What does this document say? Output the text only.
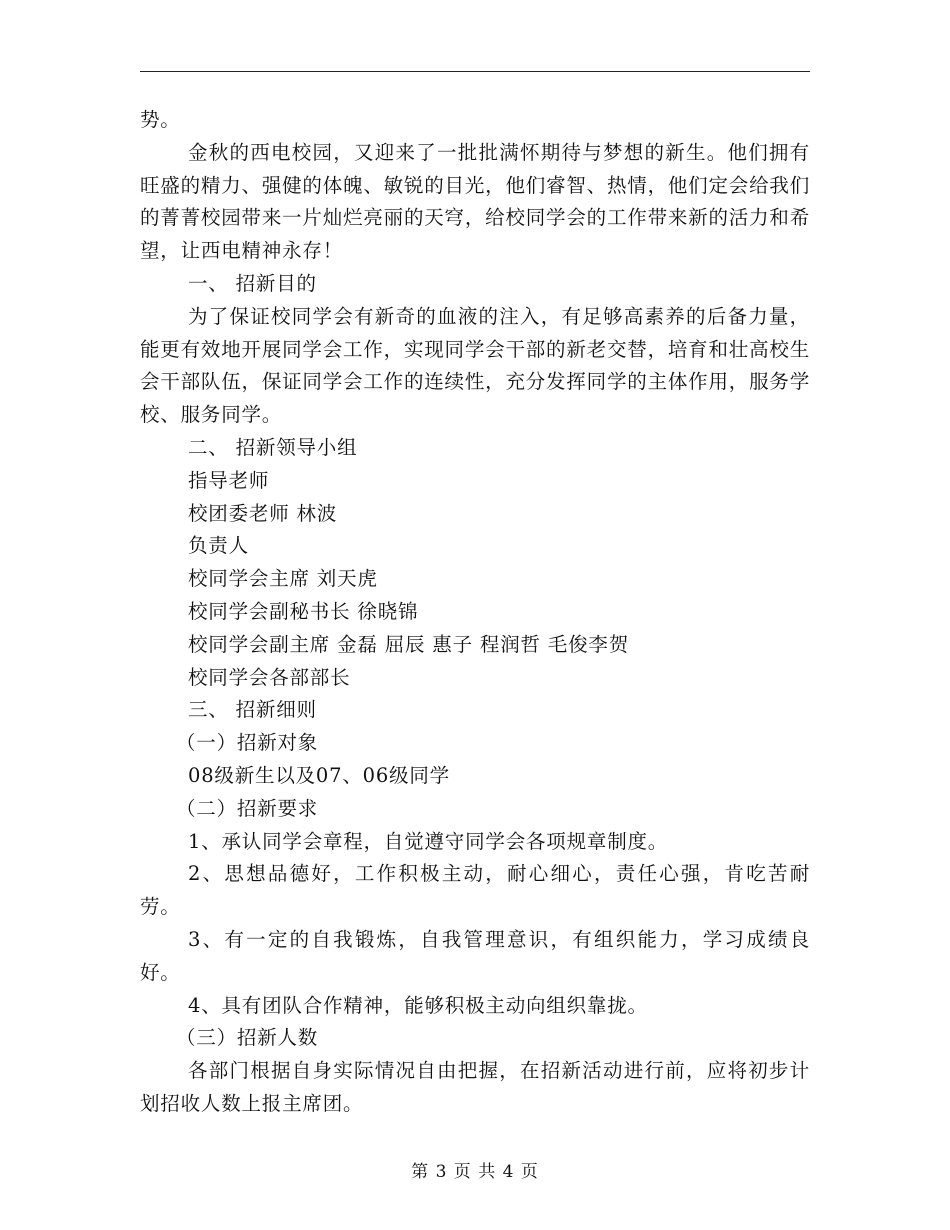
势。

金秋的西电校园，又迎来了一批批满怀期待与梦想的新生。他们拥有旺盛的精力、强健的体魄、敏锐的目光，他们睿智、热情，他们定会给我们的菁菁校园带来一片灿烂亮丽的天穹，给校同学会的工作带来新的活力和希望，让西电精神永存！

一、 招新目的

为了保证校同学会有新奇的血液的注入，有足够高素养的后备力量，能更有效地开展同学会工作，实现同学会干部的新老交替，培育和壮高校生会干部队伍，保证同学会工作的连续性，充分发挥同学的主体作用，服务学校、服务同学。

二、 招新领导小组

指导老师

校团委老师 林波

负责人

校同学会主席 刘天虎

校同学会副秘书长 徐晓锦

校同学会副主席 金磊 屈辰 惠子 程润哲 毛俊李贺

校同学会各部部长

三、 招新细则

（一）招新对象

08级新生以及07、06级同学

（二）招新要求

1、承认同学会章程，自觉遵守同学会各项规章制度。

2、思想品德好，工作积极主动，耐心细心，责任心强，肯吃苦耐劳。

3、有一定的自我锻炼，自我管理意识，有组织能力，学习成绩良好。

4、具有团队合作精神，能够积极主动向组织靠拢。

（三）招新人数

各部门根据自身实际情况自由把握，在招新活动进行前，应将初步计划招收人数上报主席团。

第 3 页 共 4 页
